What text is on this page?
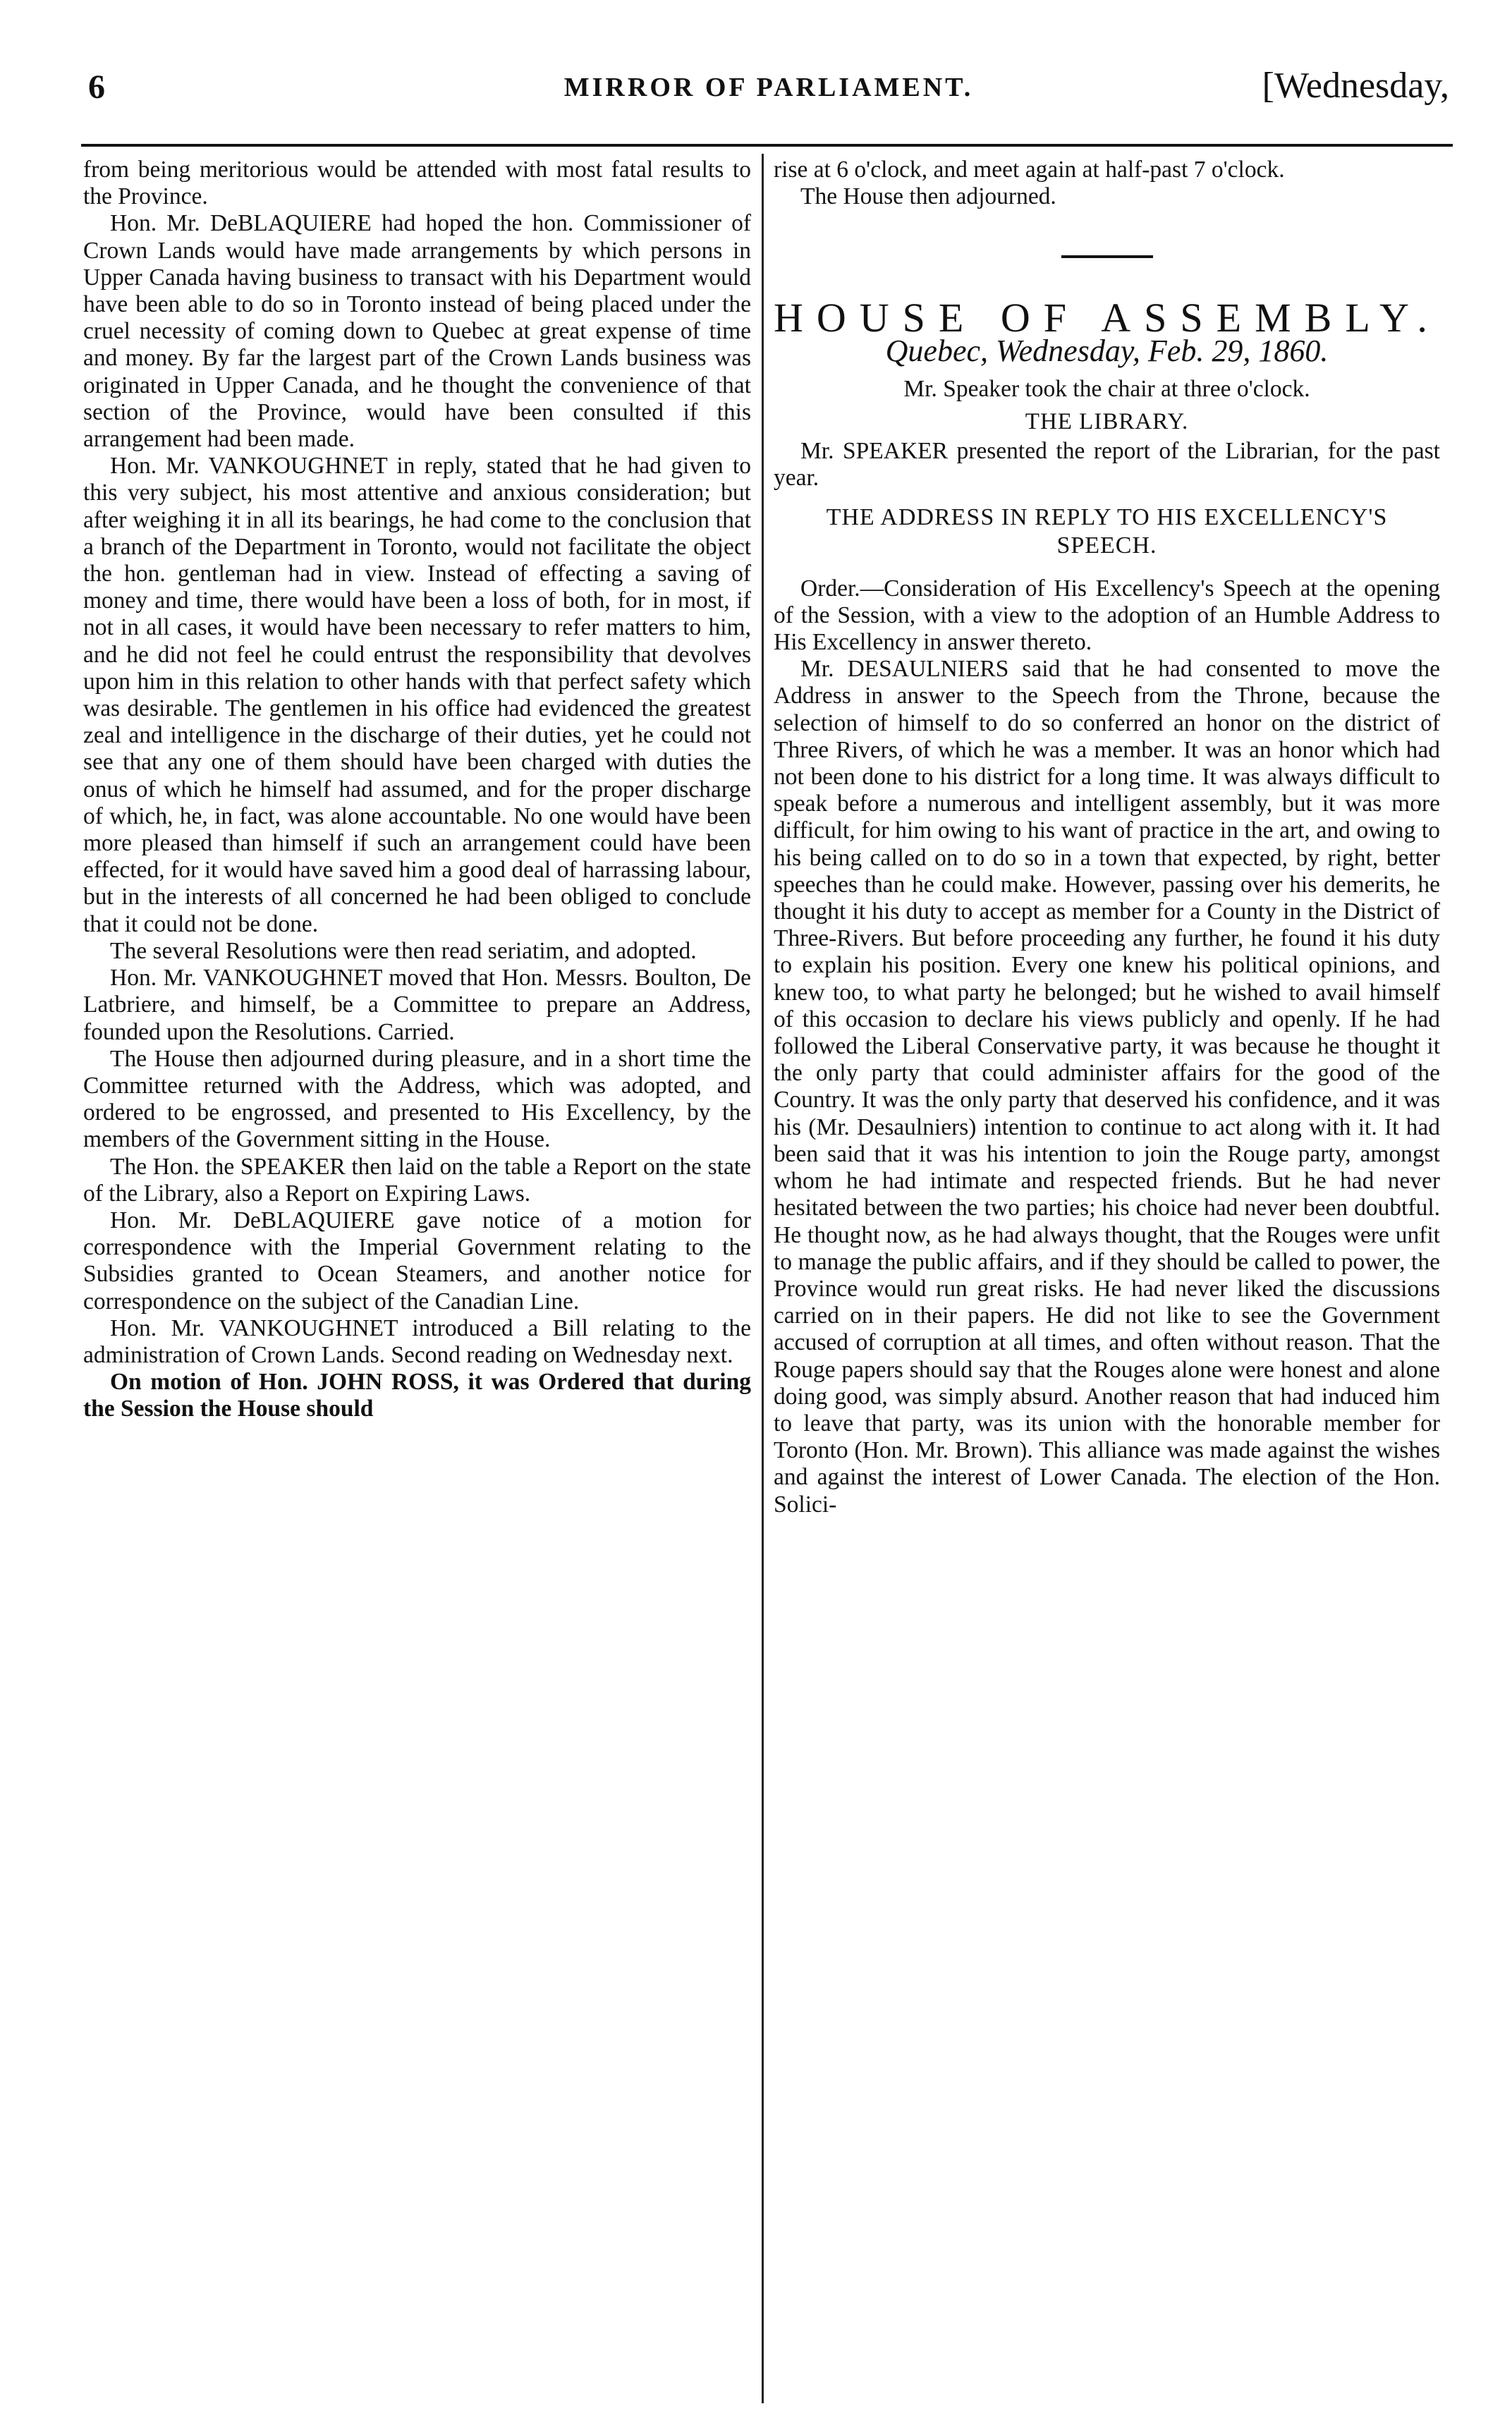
6	MIRROR OF PARLIAMENT.	[Wednesday,

from being meritorious would be attended with most fatal results to the Province.

Hon. Mr. DeBLAQUIERE had hoped the hon. Commissioner of Crown Lands would have made arrangements by which persons in Upper Canada having business to transact with his Department would have been able to do so in Toronto instead of being placed under the cruel necessity of coming down to Quebec at great expense of time and money. By far the largest part of the Crown Lands business was originated in Upper Canada, and he thought the convenience of that section of the Province, would have been consulted if this arrangement had been made.

Hon. Mr. VANKOUGHNET in reply, stated that he had given to this very subject, his most attentive and anxious consideration; but after weighing it in all its bearings, he had come to the conclusion that a branch of the Department in Toronto, would not facilitate the object the hon. gentleman had in view. Instead of effecting a saving of money and time, there would have been a loss of both, for in most, if not in all cases, it would have been necessary to refer matters to him, and he did not feel he could entrust the responsibility that devolves upon him in this relation to other hands with that perfect safety which was desirable. The gentlemen in his office had evidenced the greatest zeal and intelligence in the discharge of their duties, yet he could not see that any one of them should have been charged with duties the onus of which he himself had assumed, and for the proper discharge of which, he, in fact, was alone accountable. No one would have been more pleased than himself if such an arrangement could have been effected, for it would have saved him a good deal of harrassing labour, but in the interests of all concerned he had been obliged to conclude that it could not be done.

The several Resolutions were then read seriatim, and adopted.

Hon. Mr. VANKOUGHNET moved that Hon. Messrs. Boulton, De Latbriere, and himself, be a Committee to prepare an Address, founded upon the Resolutions. Carried.

The House then adjourned during pleasure, and in a short time the Committee returned with the Address, which was adopted, and ordered to be engrossed, and presented to His Excellency, by the members of the Government sitting in the House.

The Hon. the SPEAKER then laid on the table a Report on the state of the Library, also a Report on Expiring Laws.

Hon. Mr. DeBLAQUIERE gave notice of a motion for correspondence with the Imperial Government relating to the Subsidies granted to Ocean Steamers, and another notice for correspondence on the subject of the Canadian Line.

Hon. Mr. VANKOUGHNET introduced a Bill relating to the administration of Crown Lands. Second reading on Wednesday next.

On motion of Hon. JOHN ROSS, it was Ordered that during the Session the House should

rise at 6 o'clock, and meet again at half-past 7 o'clock.

The House then adjourned.

HOUSE OF ASSEMBLY.
Quebec, Wednesday, Feb. 29, 1860.

Mr. Speaker took the chair at three o'clock.

THE LIBRARY.

Mr. SPEAKER presented the report of the Librarian, for the past year.

THE ADDRESS IN REPLY TO HIS EXCELLENCY'S SPEECH.

Order.—Consideration of His Excellency's Speech at the opening of the Session, with a view to the adoption of an Humble Address to His Excellency in answer thereto.

Mr. DESAULNIERS said that he had consented to move the Address in answer to the Speech from the Throne, because the selection of himself to do so conferred an honor on the district of Three Rivers, of which he was a member. It was an honor which had not been done to his district for a long time. It was always difficult to speak before a numerous and intelligent assembly, but it was more difficult, for him owing to his want of practice in the art, and owing to his being called on to do so in a town that expected, by right, better speeches than he could make. However, passing over his demerits, he thought it his duty to accept as member for a County in the District of Three-Rivers. But before proceeding any further, he found it his duty to explain his position. Every one knew his political opinions, and knew too, to what party he belonged; but he wished to avail himself of this occasion to declare his views publicly and openly. If he had followed the Liberal Conservative party, it was because he thought it the only party that could administer affairs for the good of the Country. It was the only party that deserved his confidence, and it was his (Mr. Desaulniers) intention to continue to act along with it. It had been said that it was his intention to join the Rouge party, amongst whom he had intimate and respected friends. But he had never hesitated between the two parties; his choice had never been doubtful. He thought now, as he had always thought, that the Rouges were unfit to manage the public affairs, and if they should be called to power, the Province would run great risks. He had never liked the discussions carried on in their papers. He did not like to see the Government accused of corruption at all times, and often without reason. That the Rouge papers should say that the Rouges alone were honest and alone doing good, was simply absurd. Another reason that had induced him to leave that party, was its union with the honorable member for Toronto (Hon. Mr. Brown). This alliance was made against the wishes and against the interest of Lower Canada. The election of the Hon. Solici-
